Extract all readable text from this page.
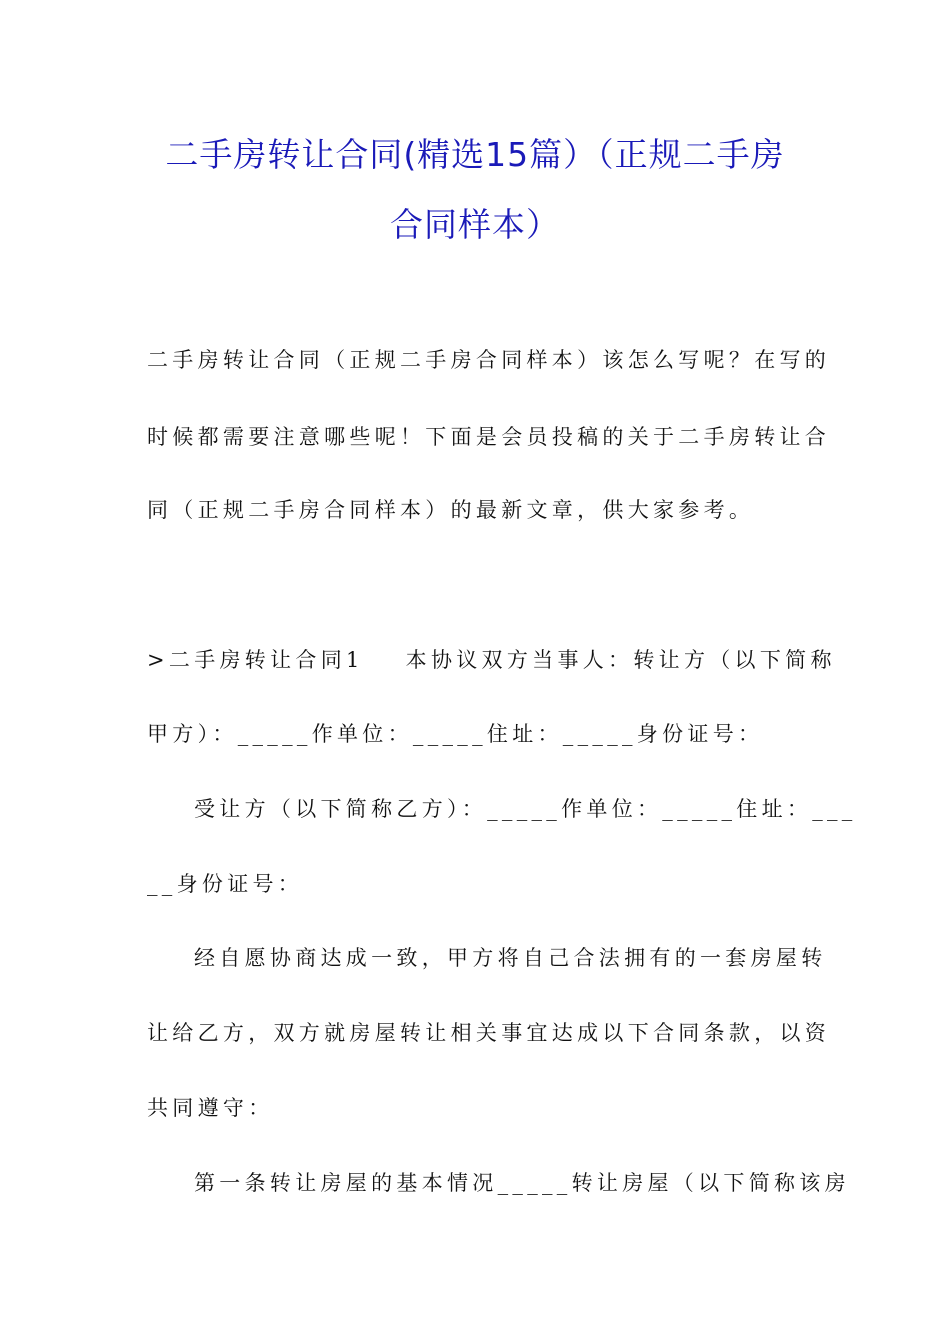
二手房转让合同(精选15篇）（正规二手房
合同样本）
二手房转让合同（正规二手房合同样本）该怎么写呢？在写的
时候都需要注意哪些呢！下面是会员投稿的关于二手房转让合
同（正规二手房合同样本）的最新文章，供大家参考。
>二手房转让合同1 本协议双方当事人：转让方（以下简称
甲方）：_____作单位：_____住址：_____身份证号：
受让方（以下简称乙方）：_____作单位：_____住址：___
__身份证号：
经自愿协商达成一致，甲方将自己合法拥有的一套房屋转
让给乙方，双方就房屋转让相关事宜达成以下合同条款，以资
共同遵守：
第一条转让房屋的基本情况_____转让房屋（以下简称该房
